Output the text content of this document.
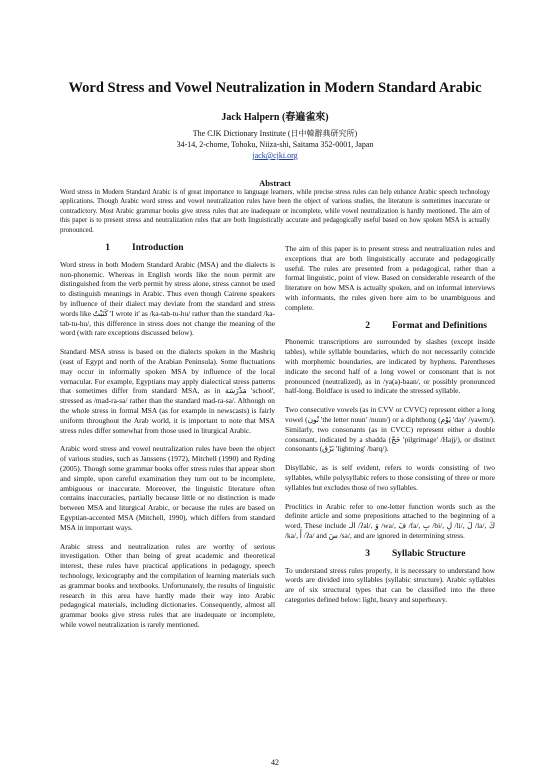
Word Stress and Vowel Neutralization in Modern Standard Arabic
Jack Halpern (春遍雀來)
The CJK Dictionary Institute (日中韓辭典研究所)
34-14, 2-chome, Tohoku, Niiza-shi, Saitama 352-0001, Japan
jack@cjki.org
Abstract
Word stress in Modern Standard Arabic is of great importance to language learners, while precise stress rules can help enhance Arabic speech technology applications. Though Arabic word stress and vowel neutralization rules have been the object of various studies, the literature is sometimes inaccurate or contradictory. Most Arabic grammar books give stress rules that are inadequate or incomplete, while vowel neutralization is hardly mentioned. The aim of this paper is to present stress and neutralization rules that are both linguistically accurate and pedagogically useful based on how spoken MSA is actually pronounced.
1	Introduction

Word stress in both Modern Standard Arabic (MSA) and the dialects is non-phonemic. Whereas in English words like the noun permit are distinguished from the verb permit by stress alone, stress cannot be used to distinguish meanings in Arabic. Thus even though Cairene speakers by influence of their dialect may deviate from the standard and stress words like كَتَبْتُ 'I wrote it' as /ka-tab-tu-hu/ rather than the standard /ka-tab-tu-hu/, this difference in stress does not change the meaning of the word (with rare exceptions discussed below).

Standard MSA stress is based on the dialects spoken in the Mashriq (east of Egypt and north of the Arabian Peninsula). Some fluctuations may occur in informally spoken MSA by influence of the local vernacular. For example, Egyptians may apply dialectical stress patterns that sometimes differ from standard MSA, as in مَدْرَسَة 'school', stressed as /mad-ra-sa/ rather than the standard mad-ra-sa/. Although on the whole stress in formal MSA (as for example in newscasts) is fairly uniform throughout the Arab world, it is important to note that MSA stress rules differ somewhat from those used in liturgical Arabic.

Arabic word stress and vowel neutralization rules have been the object of various studies, such as Janssens (1972), Mitchell (1990) and Ryding (2005). Though some grammar books offer stress rules that appear short and simple, upon careful examination they turn out to be incomplete, ambiguous or inaccurate. Moreover, the linguistic literature often contains inaccuracies, partially because little or no distinction is made between MSA and liturgical Arabic, or because the rules are based on Egyptian-accented MSA (Mitchell, 1990), which differs from standard MSA in important ways.

Arabic stress and neutralization rules are worthy of serious investigation. Other than being of great academic and theoretical interest, these rules have practical applications in pedagogy, speech technology, lexicography and the compilation of learning materials such as grammar books and textbooks. Unfortunately, the results of linguistic research in this area have hardly made their way into Arabic pedagogical materials, including dictionaries. Consequently, almost all grammar books give stress rules that are inadequate or incomplete, while vowel neutralization is rarely mentioned.

The aim of this paper is to present stress and neutralization rules and exceptions that are both linguistically accurate and pedagogically useful. The rules are presented from a pedagogical, rather than a formal linguistic, point of view. Based on considerable research of the literature on how MSA is actually spoken, and on informal interviews with informants, the rules given here aim to be unambiguous and complete.

2	Format and Definitions

Phonemic transcriptions are surrounded by slashes (except inside tables), while syllable boundaries, which do not necessarily coincide with morphemic boundaries, are indicated by hyphens. Parentheses indicate the second half of a long vowel or consonant that is not pronounced (neutralized), as in /ya(a)-baan/, or possibly pronounced half-long. Boldface is used to indicate the stressed syllable.

Two consecutive vowels (as in CVV or CVVC) represent either a long vowel (نُون 'the letter nuun' /nuun/) or a diphthong (يَوْم 'day' /yawm/). Similarly, two consonants (as in CVCC) represent either a double consonant, indicated by a shadda (حَجّ 'pilgrimage' /Hajj/), or distinct consonants (بَرْق 'lightning' /barq/).

Disyllabic, as is self evident, refers to words consisting of two syllables, while polysyllabic refers to those consisting of three or more syllables but excludes those of two syllables.

Proclitics in Arabic refer to one-letter function words such as the definite article and some prepositions attached to the beginning of a word. These include الـ /ʔal/, وَ /wa/, فَ /fa/, بِ /bi/, لِ /li/, لَ /la/, كَ /ka/, أَ /ʔa/ and سَ /sa/, and are ignored in determining stress.

3	Syllabic Structure

To understand stress rules properly, it is necessary to understand how words are divided into syllables (syllabic structure). Arabic syllables are of six structural types that can be classified into the three categories defined below: light, heavy and superheavy.

42
